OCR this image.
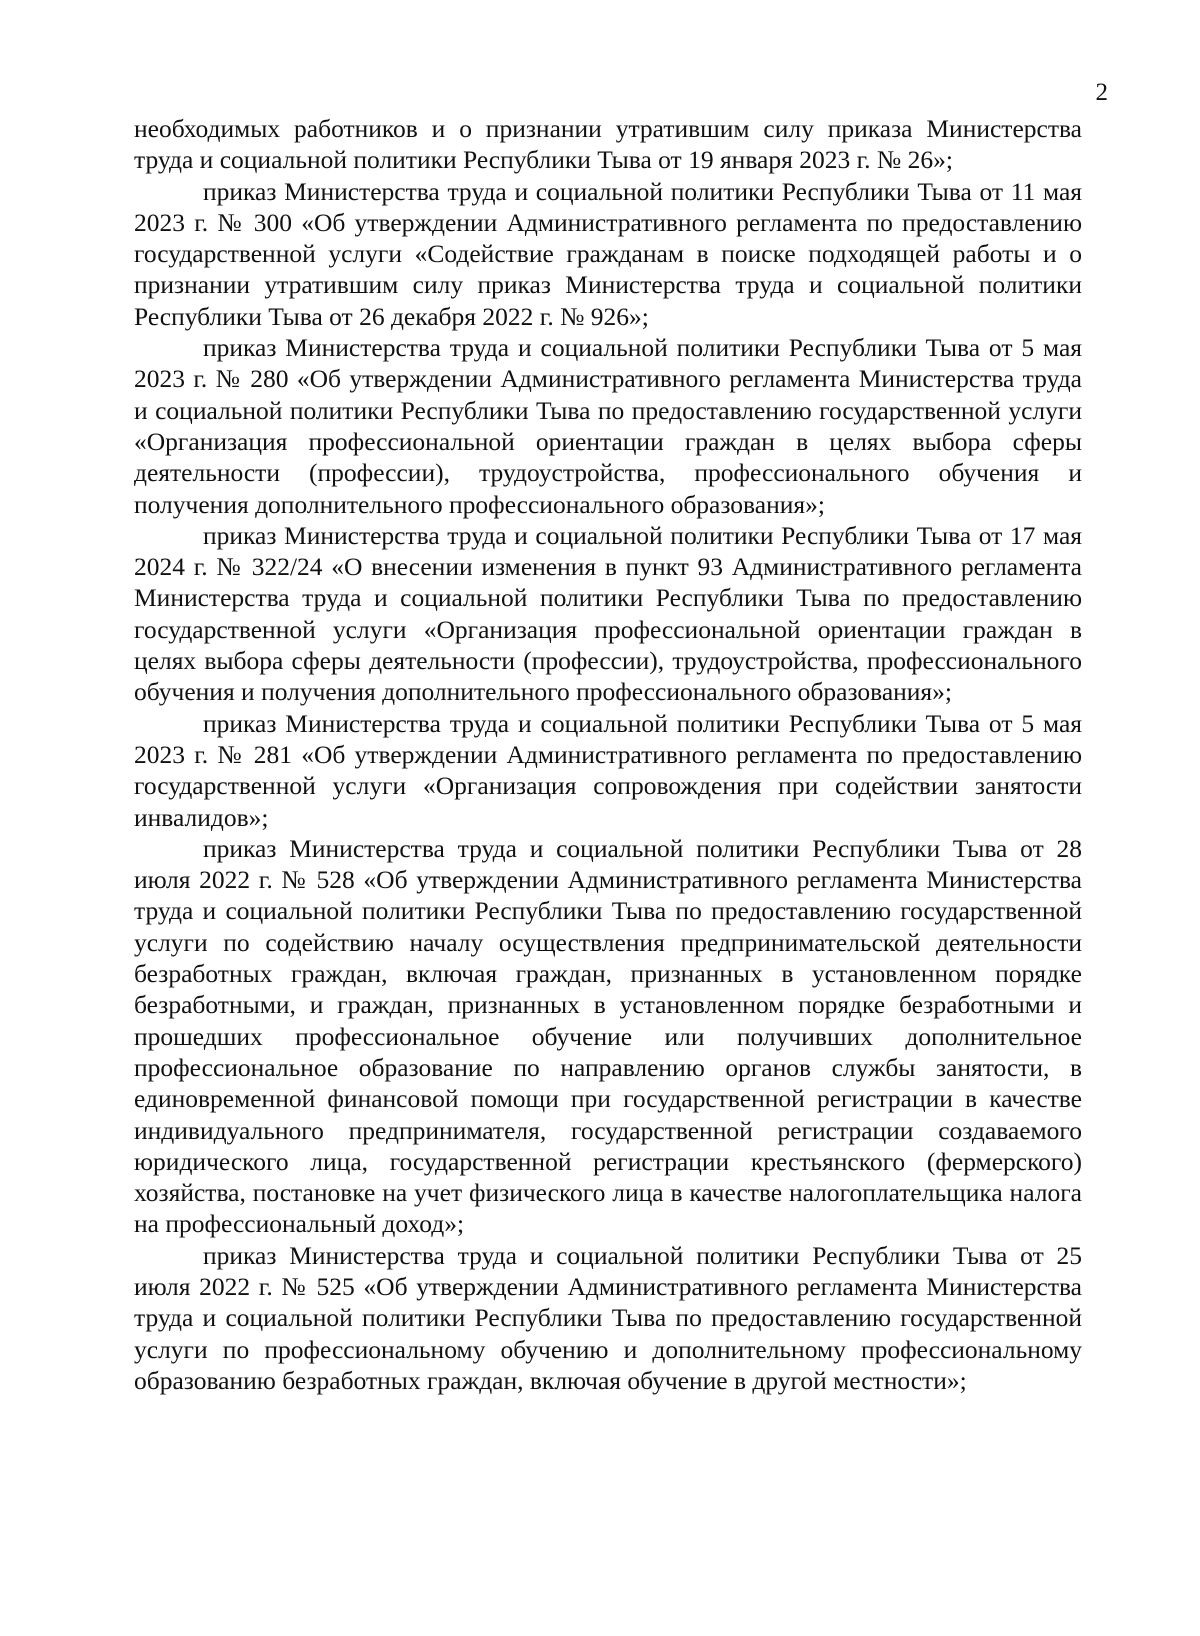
2

необходимых работников и о признании утратившим силу приказа Министерства труда и социальной политики Республики Тыва от 19 января 2023 г. № 26»;

приказ Министерства труда и социальной политики Республики Тыва от 11 мая 2023 г. № 300 «Об утверждении Административного регламента по предоставлению государственной услуги «Содействие гражданам в поиске подходящей работы и о признании утратившим силу приказ Министерства труда и социальной политики Республики Тыва от 26 декабря 2022 г. № 926»;

приказ Министерства труда и социальной политики Республики Тыва от 5 мая 2023 г. № 280 «Об утверждении Административного регламента Министерства труда и социальной политики Республики Тыва по предоставлению государственной услуги «Организация профессиональной ориентации граждан в целях выбора сферы деятельности (профессии), трудоустройства, профессионального обучения и получения дополнительного профессионального образования»;

приказ Министерства труда и социальной политики Республики Тыва от 17 мая 2024 г. № 322/24 «О внесении изменения в пункт 93 Административного регламента Министерства труда и социальной политики Республики Тыва по предоставлению государственной услуги «Организация профессиональной ориентации граждан в целях выбора сферы деятельности (профессии), трудоустройства, профессионального обучения и получения дополнительного профессионального образования»;

приказ Министерства труда и социальной политики Республики Тыва от 5 мая 2023 г. № 281 «Об утверждении Административного регламента по предоставлению государственной услуги «Организация сопровождения при содействии занятости инвалидов»;

приказ Министерства труда и социальной политики Республики Тыва от 28 июля 2022 г. № 528 «Об утверждении Административного регламента Министерства труда и социальной политики Республики Тыва по предоставлению государственной услуги по содействию началу осуществления предпринимательской деятельности безработных граждан, включая граждан, признанных в установленном порядке безработными, и граждан, признанных в установленном порядке безработными и прошедших профессиональное обучение или получивших дополнительное профессиональное образование по направлению органов службы занятости, в единовременной финансовой помощи при государственной регистрации в качестве индивидуального предпринимателя, государственной регистрации создаваемого юридического лица, государственной регистрации крестьянского (фермерского) хозяйства, постановке на учет физического лица в качестве налогоплательщика налога на профессиональный доход»;

приказ Министерства труда и социальной политики Республики Тыва от 25 июля 2022 г. № 525 «Об утверждении Административного регламента Министерства труда и социальной политики Республики Тыва по предоставлению государственной услуги по профессиональному обучению и дополнительному профессиональному образованию безработных граждан, включая обучение в другой местности»;
